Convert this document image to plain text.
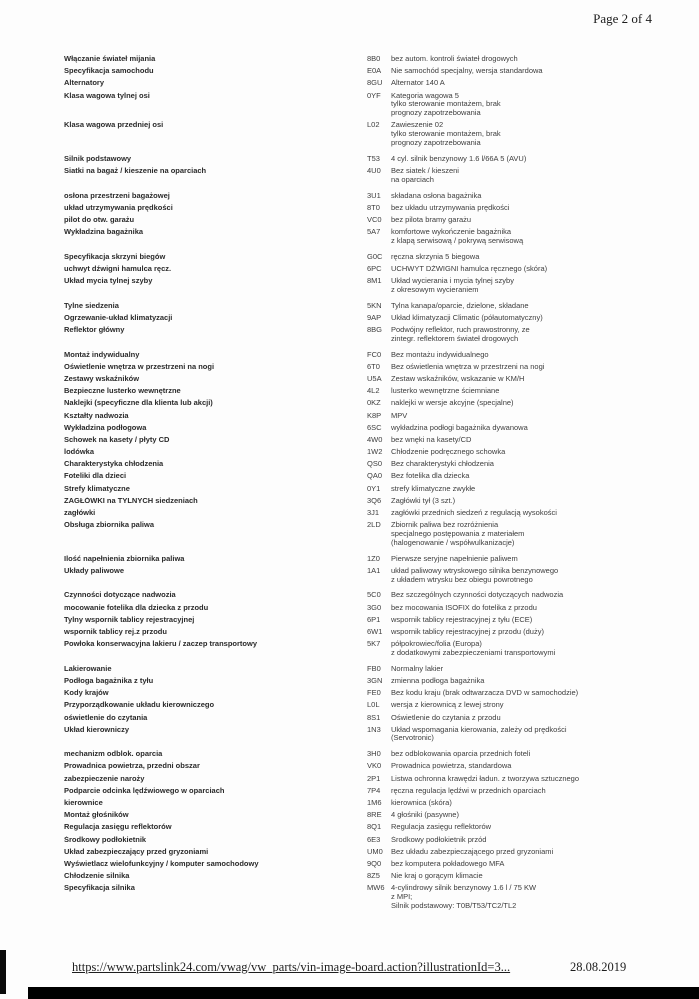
Page 2 of 4
Włączanie świateł mijania	8B0	bez autom. kontroli świateł drogowych
Specyfikacja samochodu	E0A	Nie samochód specjalny, wersja standardowa
Alternatory	8GU	Alternator 140 A
Klasa wagowa tylnej osi	0YF	Kategoria wagowa 5
tylko sterowanie montażem, brak
prognozy zapotrzebowania
Klasa wagowa przedniej osi	L02	Zawieszenie 02
tylko sterowanie montażem, brak
prognozy zapotrzebowania
Silnik podstawowy	T53	4 cyl. silnik benzynowy 1.6 l/66A 5 (AVU)
Siatki na bagaż / kieszenie na oparciach	4U0	Bez siatek / kieszeni
na oparciach
osłona przestrzeni bagażowej	3U1	składana osłona bagażnika
układ utrzymywania prędkości	8T0	bez układu utrzymywania prędkości
pilot do otw. garażu	VC0	bez pilota bramy garażu
Wykładzina bagażnika	5A7	komfortowe wykończenie bagażnika
z klapą serwisową / pokrywą serwisową
Specyfikacja skrzyni biegów	G0C	ręczna skrzynia 5 biegowa
uchwyt dźwigni hamulca ręcz.	6PC	UCHWYT DŹWIGNI hamulca ręcznego (skóra)
Układ mycia tylnej szyby	8M1	Układ wycierania i mycia tylnej szyby
z okresowym wycieraniem
Tylne siedzenia	5KN	Tylna kanapa/oparcie, dzielone, składane
Ogrzewanie-układ klimatyzacji	9AP	Układ klimatyzacji Climatic (półautomatyczny)
Reflektor główny	8BG	Podwójny reflektor, ruch prawostronny, ze
zintegr. reflektorem świateł drogowych
Montaż indywidualny	FC0	Bez montażu indywidualnego
Oświetlenie wnętrza w przestrzeni na nogi	6T0	Bez oświetlenia wnętrza w przestrzeni na nogi
Zestawy wskaźników	U5A	Zestaw wskaźników, wskazanie w KM/H
Bezpieczne lusterko wewnętrzne	4L2	lusterko wewnętrzne ściemniane
Naklejki (specyficzne dla klienta lub akcji)	0KZ	naklejki w wersje akcyjne (specjalne)
Kształty nadwozia	K8P	MPV
Wykładzina podłogowa	6SC	wykładzina podłogi bagażnika dywanowa
Schowek na kasety / płyty CD	4W0	bez wnęki na kasety/CD
lodówka	1W2	Chłodzenie podręcznego schowka
Charakterystyka chłodzenia	QS0	Bez charakterystyki chłodzenia
Foteliki dla dzieci	QA0	Bez fotelika dla dziecka
Strefy klimatyczne	0Y1	strefy klimatyczne zwykłe
ZAGŁÓWKI na TYLNYCH siedzeniach	3Q6	Zagłówki tył (3 szt.)
zagłówki	3J1	zagłówki przednich siedzeń z regulacją wysokości
Obsługa zbiornika paliwa	2LD	Zbiornik paliwa bez rozróżnienia
specjalnego postępowania z materiałem
(halogenowanie / współwulkanizacje)
Ilość napełnienia zbiornika paliwa	1Z0	Pierwsze seryjne napełnienie paliwem
Układy paliwowe	1A1	układ paliwowy wtryskowego silnika benzynowego
z układem wtrysku bez obiegu powrotnego
Czynności dotyczące nadwozia	5C0	Bez szczególnych czynności dotyczących nadwozia
mocowanie fotelika dla dziecka z przodu	3G0	bez mocowania ISOFIX do fotelika z przodu
Tylny wspornik tablicy rejestracyjnej	6P1	wspornik tablicy rejestracyjnej z tyłu (ECE)
wspornik tablicy rej.z przodu	6W1	wspornik tablicy rejestracyjnej z przodu (duży)
Powłoka konserwacyjna lakieru / zaczep transportowy	5K7	półpokrowiec/folia (Europa)
z dodatkowymi zabezpieczeniami transportowymi
Lakierowanie	FB0	Normalny lakier
Podłoga bagażnika z tyłu	3GN	zmienna podłoga bagażnika
Kody krajów	FE0	Bez kodu kraju (brak odtwarzacza DVD w samochodzie)
Przyporządkowanie układu kierowniczego	L0L	wersja z kierownicą z lewej strony
oświetlenie do czytania	8S1	Oświetlenie do czytania z przodu
Układ kierowniczy	1N3	Układ wspomagania kierowania, zależy od prędkości
(Servotronic)
mechanizm odblok. oparcia	3H0	bez odblokowania oparcia przednich foteli
Prowadnica powietrza, przedni obszar	VK0	Prowadnica powietrza, standardowa
zabezpieczenie naroży	2P1	Listwa ochronna krawędzi ładun. z tworzywa sztucznego
Podparcie odcinka lędźwiowego w oparciach	7P4	ręczna regulacja lędźwi w przednich oparciach
kierownice	1M6	kierownica (skóra)
Montaż głośników	8RE	4 głośniki (pasywne)
Regulacja zasięgu reflektorów	8Q1	Regulacja zasięgu reflektorów
Środkowy podłokietnik	6E3	Środkowy podłokietnik przód
Układ zabezpieczający przed gryzoniami	UM0	Bez układu zabezpieczającego przed gryzoniami
Wyświetlacz wielofunkcyjny / komputer samochodowy	9Q0	bez komputera pokładowego MFA
Chłodzenie silnika	8Z5	Nie kraj o gorącym klimacie
Specyfikacja silnika	MW6 4-cylindrowy silnik benzynowy 1.6 l / 75 KW
z MPI;
Silnik podstawowy: T0B/T53/TC2/TL2
https://www.partslink24.com/vwag/vw_parts/vin-image-board.action?illustrationId=3...	28.08.2019
